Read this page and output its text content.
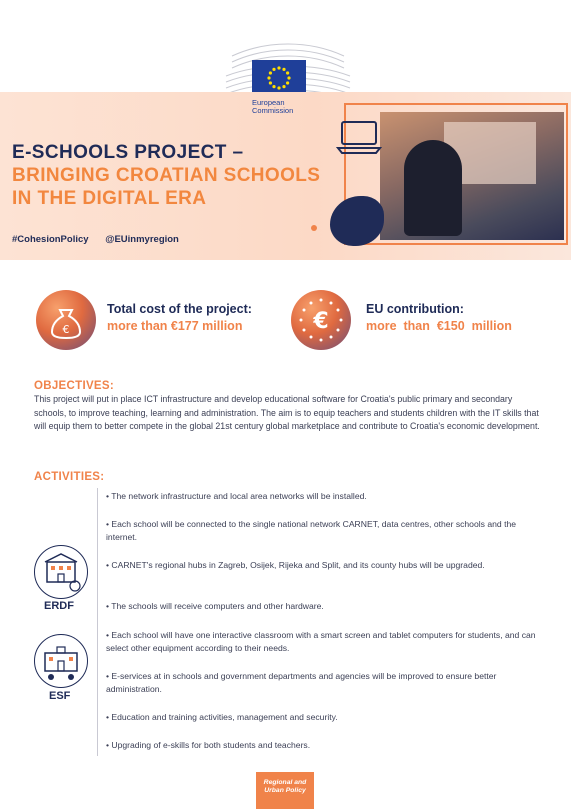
European
Commission
E-SCHOOLS PROJECT –
BRINGING CROATIAN SCHOOLS IN THE DIGITAL ERA
#CohesionPolicy @EUinmyregion
€
Total cost of the project:
more than €177 million	€	EU contribution:
more  than  €150  million
OBJECTIVES:
This project will put in place ICT infrastructure and develop educational software for Croatia's public primary and secondary schools, to improve teaching, learning and administration. The aim is to equip teachers and students children with the IT skills that will equip them to better compete in the global 21st century global marketplace and contribute to Croatia's economic development.
ACTIVITIES:
• The network infrastructure and local area networks will be installed.
• Each school will be connected to the single national network CARNET, data centres, other schools and the internet.
• CARNET's regional hubs in Zagreb, Osijek, Rijeka and Split, and its county hubs will be upgraded.
• The schools will receive computers and other hardware.
• Each school will have one interactive classroom with a smart screen and tablet computers for students, and can select other equipment according to their needs.
• E-services at in schools and government departments and agencies will be improved to ensure better administration.
• Education and training activities, management and security.
• Upgrading of e-skills for both students and teachers.
ERDF
ESF
Regional and
Urban Policy
